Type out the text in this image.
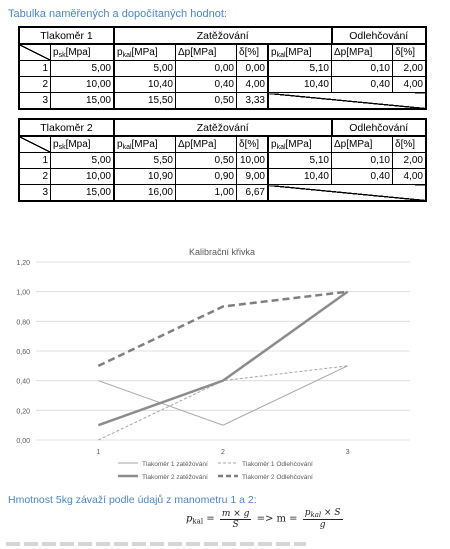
Tabulka naměřených a dopočítaných hodnot:
Tlakoměr 1		Zatěžování				Odlehčování	
	$p_{sk}[Mpa]$	$p_{kal}[MPa]$	Δp[MPa]	δ[%]	$p_{kal}[MPa]$	Δp[MPa]	δ[%]
1	5,00	5,00	0,00	0,00	5,10	0,10	2,00
2	10,00	10,40	0,40	4,00	10,40	0,40	4,00
3	15,00	15,50	0,50	3,33			
Tlakoměr 2		Zatěžování				Odlehčování	
	$p_{sk}[Mpa]$	$p_{kal}[MPa]$	Δp[MPa]	δ[%]	$p_{kal}[MPa]$	Δp[MPa]	δ[%]
1	5,00	5,50	0,50	10,00	5,10	0,10	2,00
2	10,00	10,90	0,90	9,00	10,40	0,40	4,00
3	15,00	16,00	1,00	6,67			
Kalibrační křivka
0,00
0,20
0,40
0,60
0,80
1,00
1,20
1	2	3
Tlakoměr 1 zatěžování	Tlakoměr 1 Odlehčování
Tlakoměr 2 zatěžování	Tlakoměr 2 Odlehčování
Hmotnost 5kg závaží podle údajů z manometru 1 a 2:
$p_{kal} = \frac{m \times g}{S} => m = \frac{p_{kal} \times S}{g}$
